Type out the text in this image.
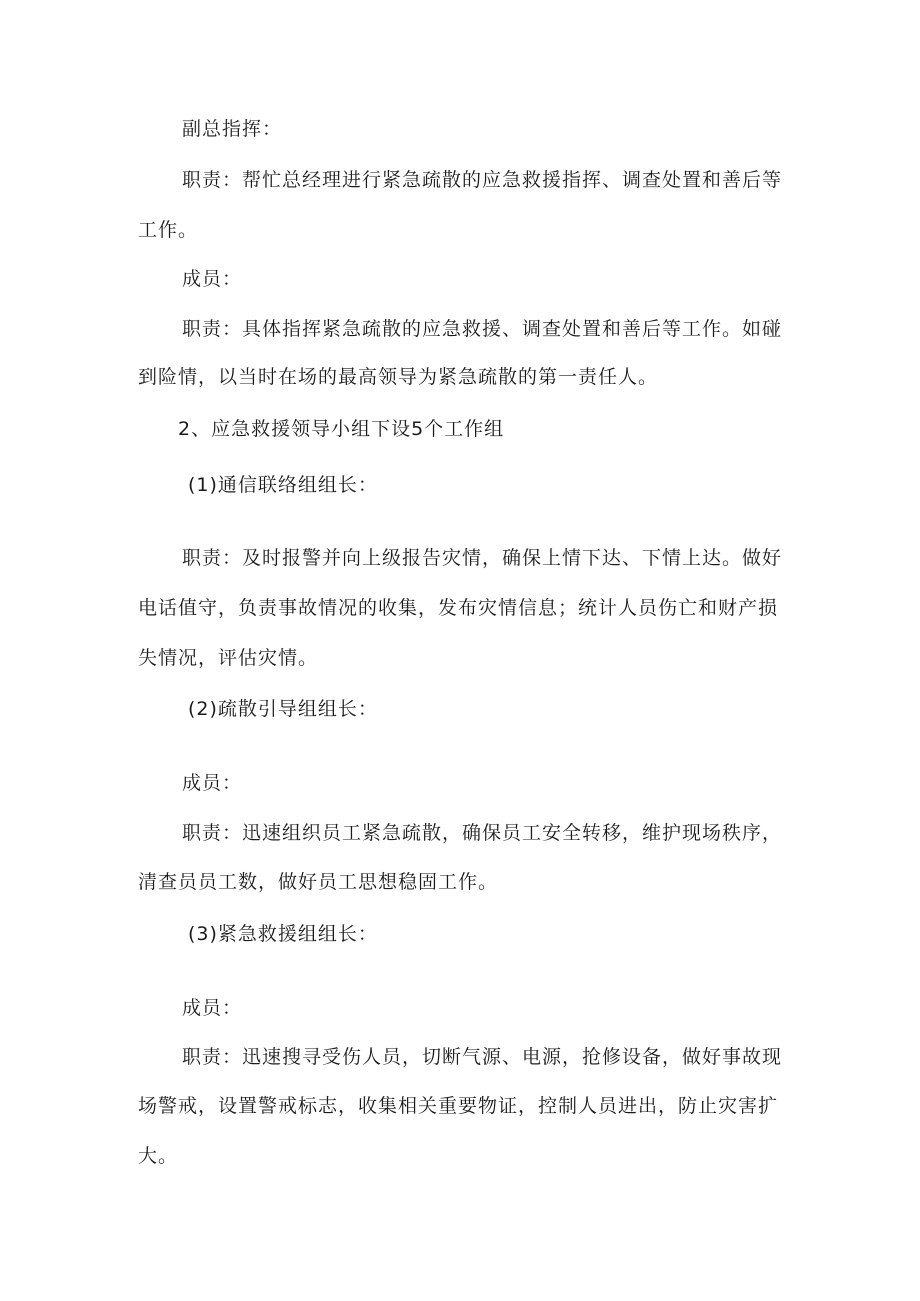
副总指挥：
职责：帮忙总经理进行紧急疏散的应急救援指挥、调查处置和善后等
工作。
成员：
职责：具体指挥紧急疏散的应急救援、调查处置和善后等工作。如碰
到险情，以当时在场的最高领导为紧急疏散的第一责任人。
2、应急救援领导小组下设5个工作组
(1)通信联络组组长：
职责：及时报警并向上级报告灾情，确保上情下达、下情上达。做好
电话值守，负责事故情况的收集，发布灾情信息；统计人员伤亡和财产损
失情况，评估灾情。
(2)疏散引导组组长：
成员：
职责：迅速组织员工紧急疏散，确保员工安全转移，维护现场秩序，
清查员员工数，做好员工思想稳固工作。
(3)紧急救援组组长：
成员：
职责：迅速搜寻受伤人员，切断气源、电源，抢修设备，做好事故现
场警戒，设置警戒标志，收集相关重要物证，控制人员进出，防止灾害扩
大。
